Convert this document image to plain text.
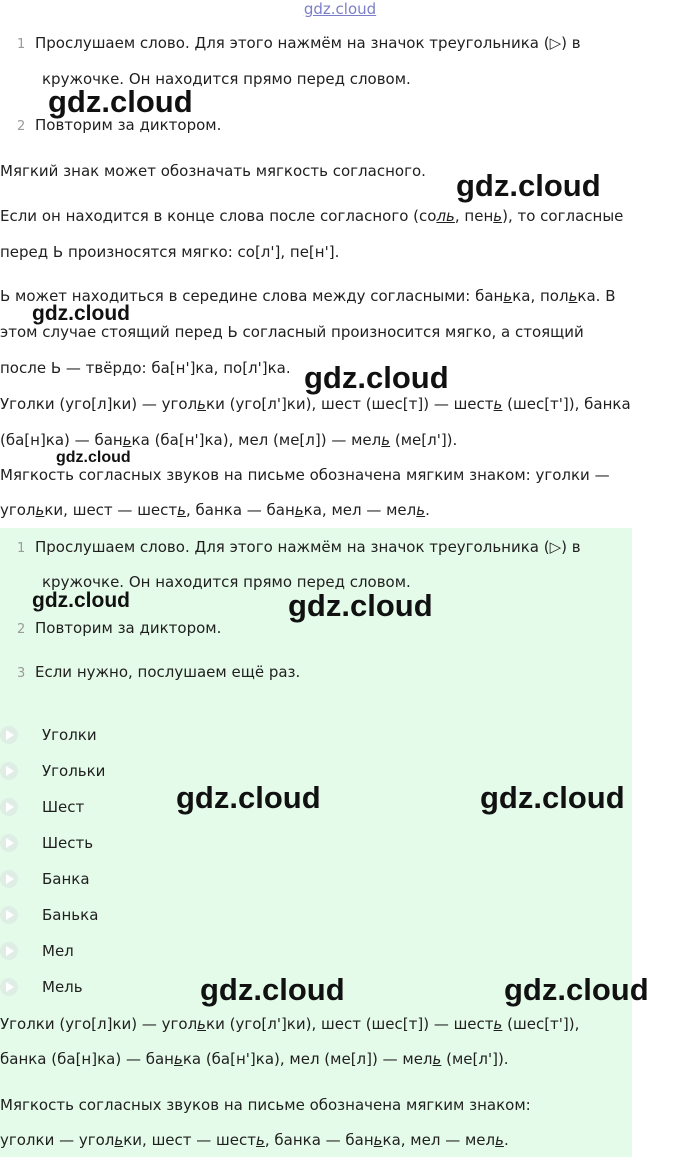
gdz.cloud
1 Прослушаем слово. Для этого нажмём на значок треугольника (▷) в
кружочке. Он находится прямо перед словом.
2 Повторим за диктором.
Мягкий знак может обозначать мягкость согласного.
Если он находится в конце слова после согласного (соль, пень), то согласные
перед Ь произносятся мягко: со[л'], пе[н'].
Ь может находиться в середине слова между согласными: банька, полька. В
этом случае стоящий перед Ь согласный произносится мягко, а стоящий
после Ь — твёрдо: ба[н']ка, по[л']ка.
Уголки (уго[л]ки) — угольки (уго[л']ки), шест (шес[т]) — шесть (шес[т']), банка
(ба[н]ка) — банька (ба[н']ка), мел (ме[л]) — мель (ме[л']).
Мягкость согласных звуков на письме обозначена мягким знаком: уголки —
угольки, шест — шесть, банка — банька, мел — мель.
1 Прослушаем слово. Для этого нажмём на значок треугольника (▷) в
кружочке. Он находится прямо перед словом.
2 Повторим за диктором.
3 Если нужно, послушаем ещё раз.
Уголки
Угольки
Шест
Шесть
Банка
Банька
Мел
Мель
Уголки (уго[л]ки) — угольки (уго[л']ки), шест (шес[т]) — шесть (шес[т']),
банка (ба[н]ка) — банька (ба[н']ка), мел (ме[л]) — мель (ме[л']).
Мягкость согласных звуков на письме обозначена мягким знаком:
уголки — угольки, шест — шесть, банка — банька, мел — мель.
gdz.cloud
gdz.cloud
gdz.cloud
gdz.cloud
gdz.cloud
gdz.cloud	gdz.cloud
gdz.cloud	gdz.cloud
gdz.cloud	gdz.cloud
